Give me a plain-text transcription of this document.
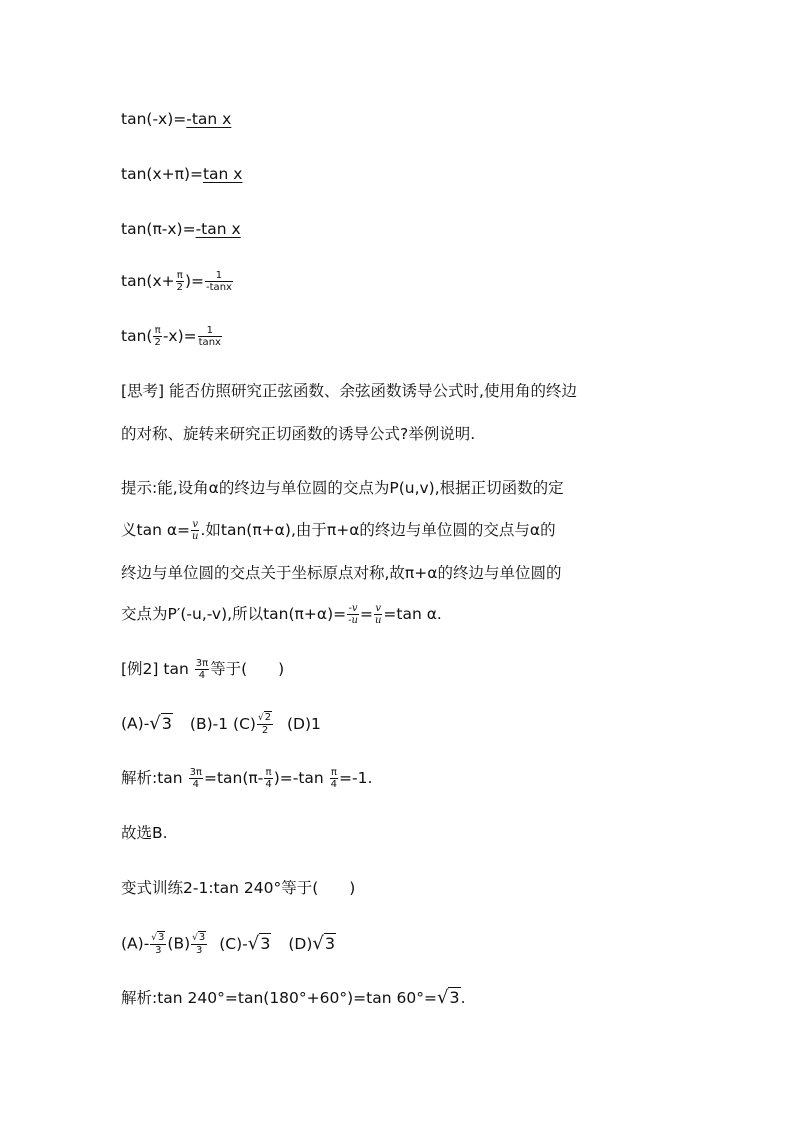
tan(-x)=-tan x
tan(x+π)=tan x
tan(π-x)=-tan x
$\tan(x+ \frac{\pi}{2}$ )= $\frac{1}{-\tan x}$
$\tan( \frac{\pi}{2} -x)= \frac{1}{\tan x}$
[思考] 能否仿照研究正弦函数、余弦函数诱导公式时,使用角的终边
的对称、旋转来研究正切函数的诱导公式?举例说明.
提示:能,设角α的终边与单位圆的交点为P(u,v),根据正切函数的定
义$\tan \alpha= \frac{v}{u}$ .如tan(π+α),由于π+α的终边与单位圆的交点与α的
终边与单位圆的交点关于坐标原点对称,故π+α的终边与单位圆的
交点为P′(-u,-v),所以$\tan(\pi+\alpha)= \frac{-v}{-u} = \frac{v}{u} =\tan$ α.
[例2] $\tan \frac{3\pi}{4}$ 等于(　　)
(A)-√3 (B)-1 $(C) \frac{√2}{2} (D)1$
解析:tan $\frac{3\pi}{4} =\tan(\pi- \frac{\pi}{4} )=-\tan \frac{\pi}{4} =-1$.
故选B.
变式训练2-1:tan 240°等于(　　)
$(A)- \frac{√3}{3} (B) \frac{√3}{3} (C)-√3$ (D)√3
解析:tan 240°=tan(180°+60°)=tan 60°=√3.
